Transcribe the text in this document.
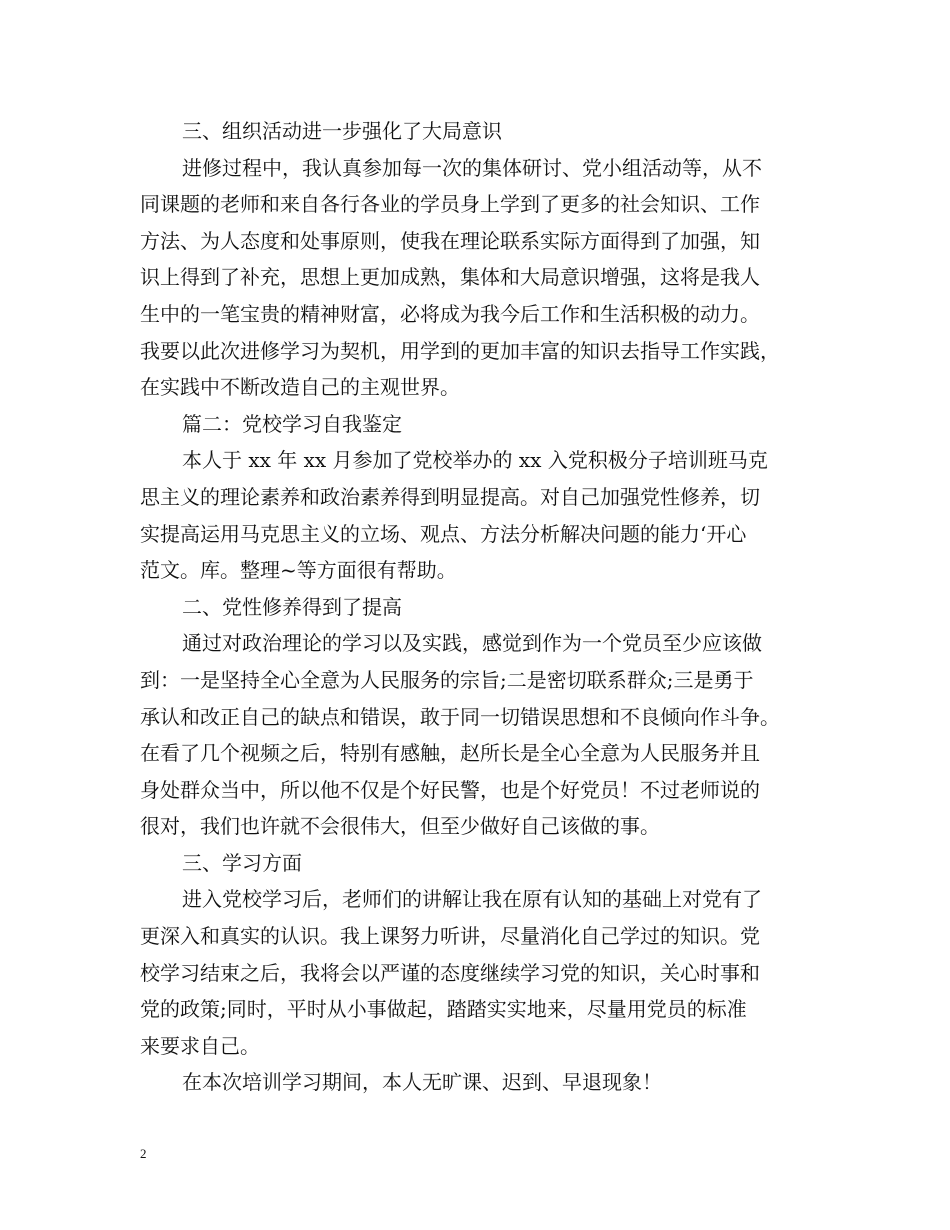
三、组织活动进一步强化了大局意识
进修过程中，我认真参加每一次的集体研讨、党小组活动等，从不
同课题的老师和来自各行各业的学员身上学到了更多的社会知识、工作
方法、为人态度和处事原则，使我在理论联系实际方面得到了加强，知
识上得到了补充，思想上更加成熟，集体和大局意识增强，这将是我人
生中的一笔宝贵的精神财富，必将成为我今后工作和生活积极的动力。
我要以此次进修学习为契机，用学到的更加丰富的知识去指导工作实践，
在实践中不断改造自己的主观世界。
篇二：党校学习自我鉴定
本人于 xx 年 xx 月参加了党校举办的 xx 入党积极分子培训班马克
思主义的理论素养和政治素养得到明显提高。对自己加强党性修养，切
实提高运用马克思主义的立场、观点、方法分析解决问题的能力‘开心
范文。库。整理~等方面很有帮助。
二、党性修养得到了提高
通过对政治理论的学习以及实践，感觉到作为一个党员至少应该做
到：一是坚持全心全意为人民服务的宗旨;二是密切联系群众;三是勇于
承认和改正自己的缺点和错误，敢于同一切错误思想和不良倾向作斗争。
在看了几个视频之后，特别有感触，赵所长是全心全意为人民服务并且
身处群众当中，所以他不仅是个好民警，也是个好党员！不过老师说的
很对，我们也许就不会很伟大，但至少做好自己该做的事。
三、学习方面
进入党校学习后，老师们的讲解让我在原有认知的基础上对党有了
更深入和真实的认识。我上课努力听讲，尽量消化自己学过的知识。党
校学习结束之后，我将会以严谨的态度继续学习党的知识，关心时事和
党的政策;同时，平时从小事做起，踏踏实实地来，尽量用党员的标准
来要求自己。
在本次培训学习期间，本人无旷课、迟到、早退现象！
2
